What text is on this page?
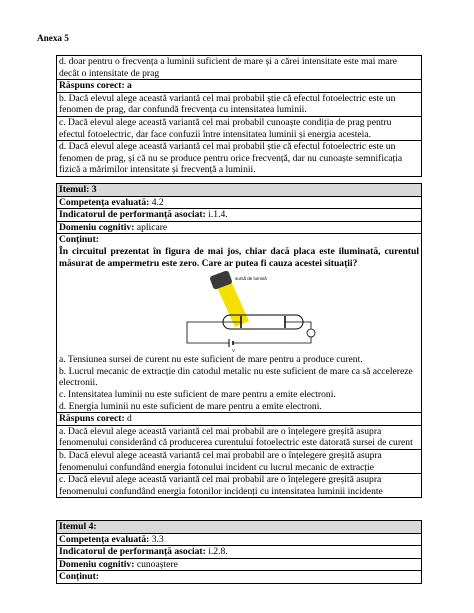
Anexa 5
d. doar pentru o frecvența a luminii suficient de mare și a cărei intensitate este mai mare decât o intensitate de prag
Răspuns corect: a
b. Dacă elevul alege această variantă cel mai probabil știe că efectul fotoelectric este un fenomen de prag, dar confundă frecvența cu intensitatea luminii.
c. Dacă elevul alege această variantă cel mai probabil cunoaște condiția de prag pentru efectul fotoelectric, dar face confuzii între intensitatea luminii și energia acesteia.
d. Dacă elevul alege această variantă cel mai probabil știe că efectul fotoelectric este un fenomen de prag, și că nu se produce pentru orice frecvență, dar nu cunoaște semnificația fizică a mărimilor intensitate și frecvență a luminii.
Itemul: 3
Competența evaluată: 4.2
Indicatorul de performanță asociat: i.1.4.
Domeniu cognitiv: aplicare

Conținut:
În circuitul prezentat în figura de mai jos, chiar dacă placa este iluminată, curentul măsurat de ampermetru este zero. Care ar putea fi cauza acestei situații?
sursă de lumină
V
a. Tensiunea sursei de curent nu este suficient de mare pentru a produce curent.
b. Lucrul mecanic de extracție din catodul metalic nu este suficient de mare ca să accelereze electronii.
c. Intensitatea luminii nu este suficient de mare pentru a emite electroni.
d. Energia luminii nu este suficient de mare pentru a emite electroni.

Răspuns corect: d
a. Dacă elevul alege această variantă cel mai probabil are o înțelegere greșită asupra fenomenului considerând că producerea curentului fotoelectric este datorată sursei de curent
b. Dacă elevul alege această variantă cel mai probabil are o înțelegere greșită asupra fenomenului confundând energia fotonului incident cu lucrul mecanic de extracție
c. Dacă elevul alege această variantă cel mai probabil are o înțelegere greșită asupra fenomenului confundând energia fotonilor incidenți cu intensitatea luminii incidente
Itemul 4:
Competența evaluată: 3.3
Indicatorul de performanță asociat: i.2.8.
Domeniu cognitiv: cunoaștere
Conținut:
